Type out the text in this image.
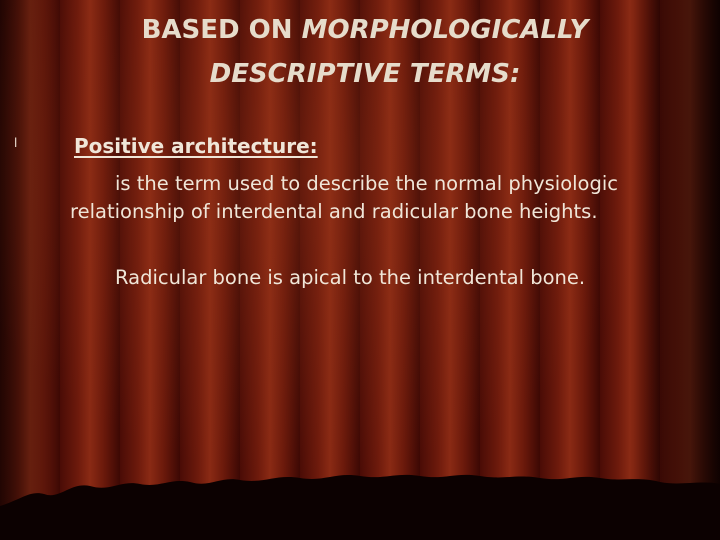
BASED ON MORPHOLOGICALLY DESCRIPTIVE TERMS:
l	Positive architecture:
is the term used to describe the normal physiologic relationship of interdental and radicular bone heights.
Radicular bone is apical to the interdental bone.
